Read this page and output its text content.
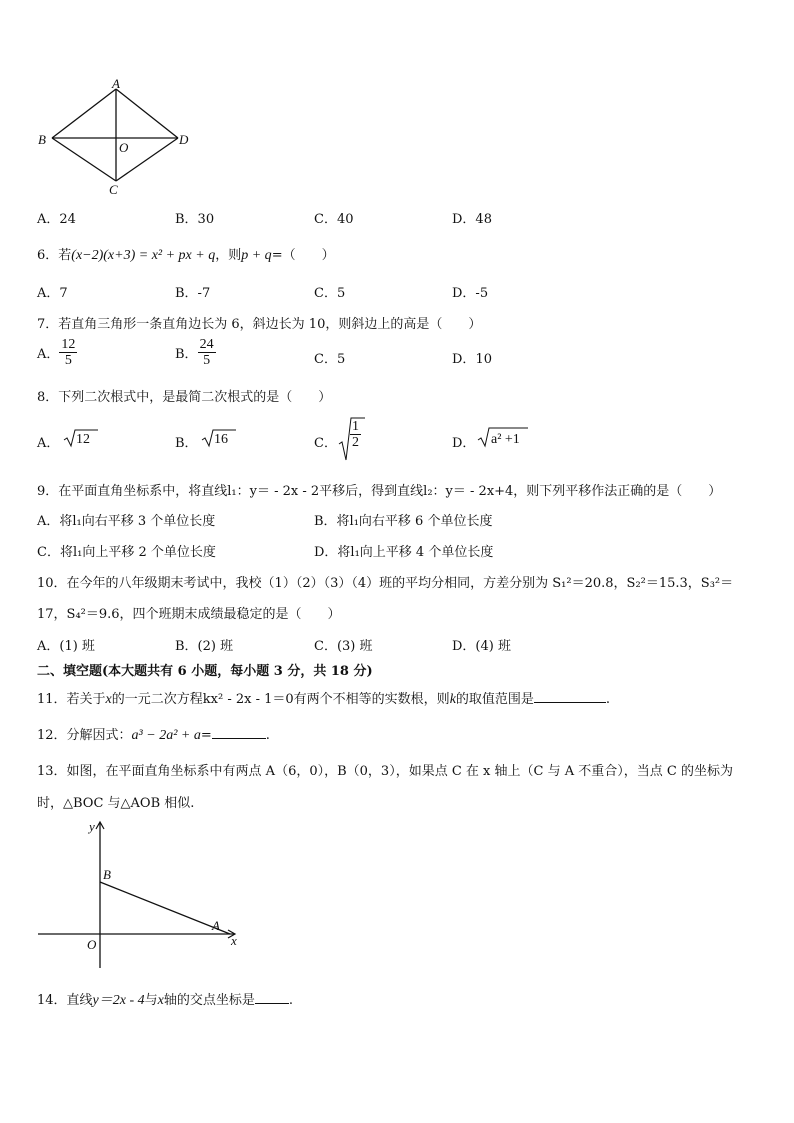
A
B
C
D
O
A．24	B．30	C．40	D．48
6．若(x−2)(x+3) = x² + px + q，则p + q=（　　）
A．7	B．-7	C．5	D．-5
7．若直角三角形一条直角边长为 6，斜边长为 10，则斜边上的高是（　　）
A． $\frac{12}{5}$	B． $\frac{24}{5}$	C．5	D．10
8．下列二次根式中，是最简二次根式的是（　　）
A． 12	B． 16	C． $\frac{1}{2}$	D． a² +1
9．在平面直角坐标系中，将直线l₁：y＝ - 2x - 2平移后，得到直线l₂：y＝ - 2x+4，则下列平移作法正确的是（　　）
A．将l₁向右平移 3 个单位长度	B．将l₁向右平移 6 个单位长度
C．将l₁向上平移 2 个单位长度	D．将l₁向上平移 4 个单位长度
10．在今年的八年级期末考试中，我校（1）（2）（3）（4）班的平均分相同，方差分别为 S₁²＝20.8，S₂²＝15.3，S₃²＝
17，S₄²＝9.6，四个班期末成绩最稳定的是（　　）
A．(1) 班	B．(2) 班	C．(3) 班	D．(4) 班
二、填空题(本大题共有 6 小题，每小题 3 分，共 18 分)
11．若关于x的一元二次方程kx² - 2x - 1＝0有两个不相等的实数根，则k的取值范围是	.
12．分解因式：a³ − 2a² + a=	.
13．如图，在平面直角坐标系中有两点 A（6，0），B（0，3），如果点 C 在 x 轴上（C 与 A 不重合），当点 C 的坐标为
时，△BOC 与△AOB 相似.
y
x
B
A
O
14．直线y＝2x - 4与x轴的交点坐标是	.
